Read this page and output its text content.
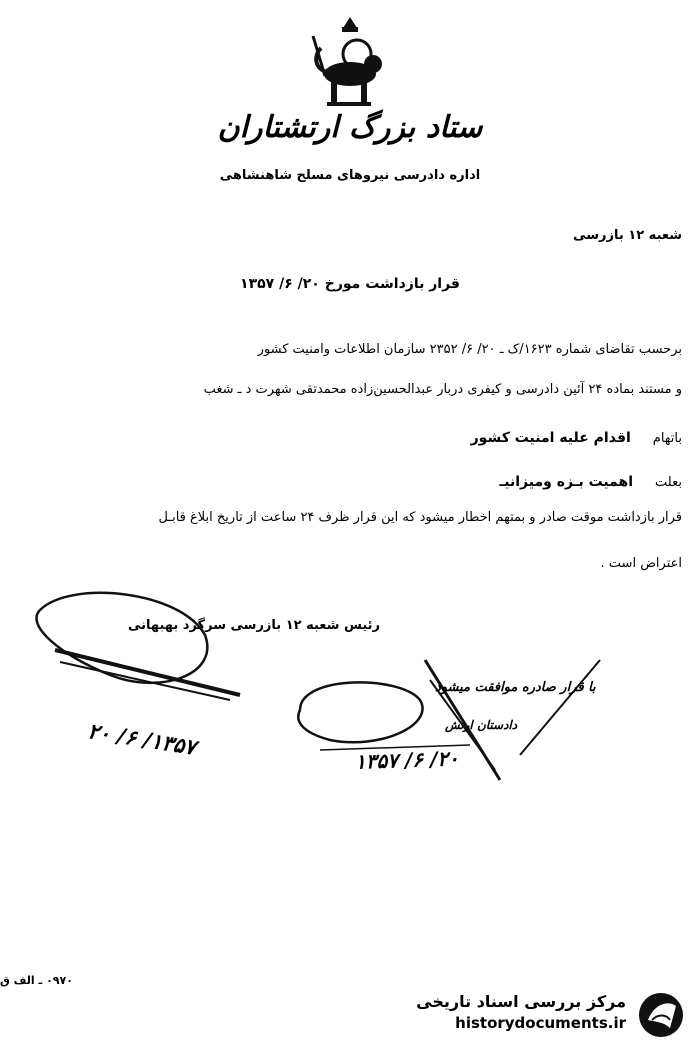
ستاد بزرگ ارتشتاران
اداره دادرسی نیروهای مسلح شاهنشاهی
شعبه ۱۲ بازرسی
قرار بازداشت مورخ ۲۰/ ۶/ ۱۳۵۷
برحسب تقاضای شماره ۱۶۲۳/ک ـ ۲۰/ ۶/ ۲۳۵۲ سازمان اطلاعات وامنیت کشور
و مستند بماده ۲۴ آئین دادرسی و کیفری دربار عبدالحسین‌زاده محمدتقی شهرت د ـ شغب
باتهاماقدام علیه امنیت کشور
بعلتاهمیت بـزه ومیزانیـ
قرار بازداشت موقت صادر و بمتهم اخطار میشود که این قرار ظرف ۲۴ ساعت از تاریخ ابلاغ قابـل
اعتراض است .
رئیس شعبه ۱۲ بازرسی سرگرد بهبهانی
با قرار صادره موافقت میشود
دادستان ارتش
۱۳۵۷/ ۶/ ۲۰
۲۰/ ۶/ ۱۳۵۷
۰۹۷۰ ـ الف ق
مرکز بررسی اسناد تاریخی
historydocuments.ir
